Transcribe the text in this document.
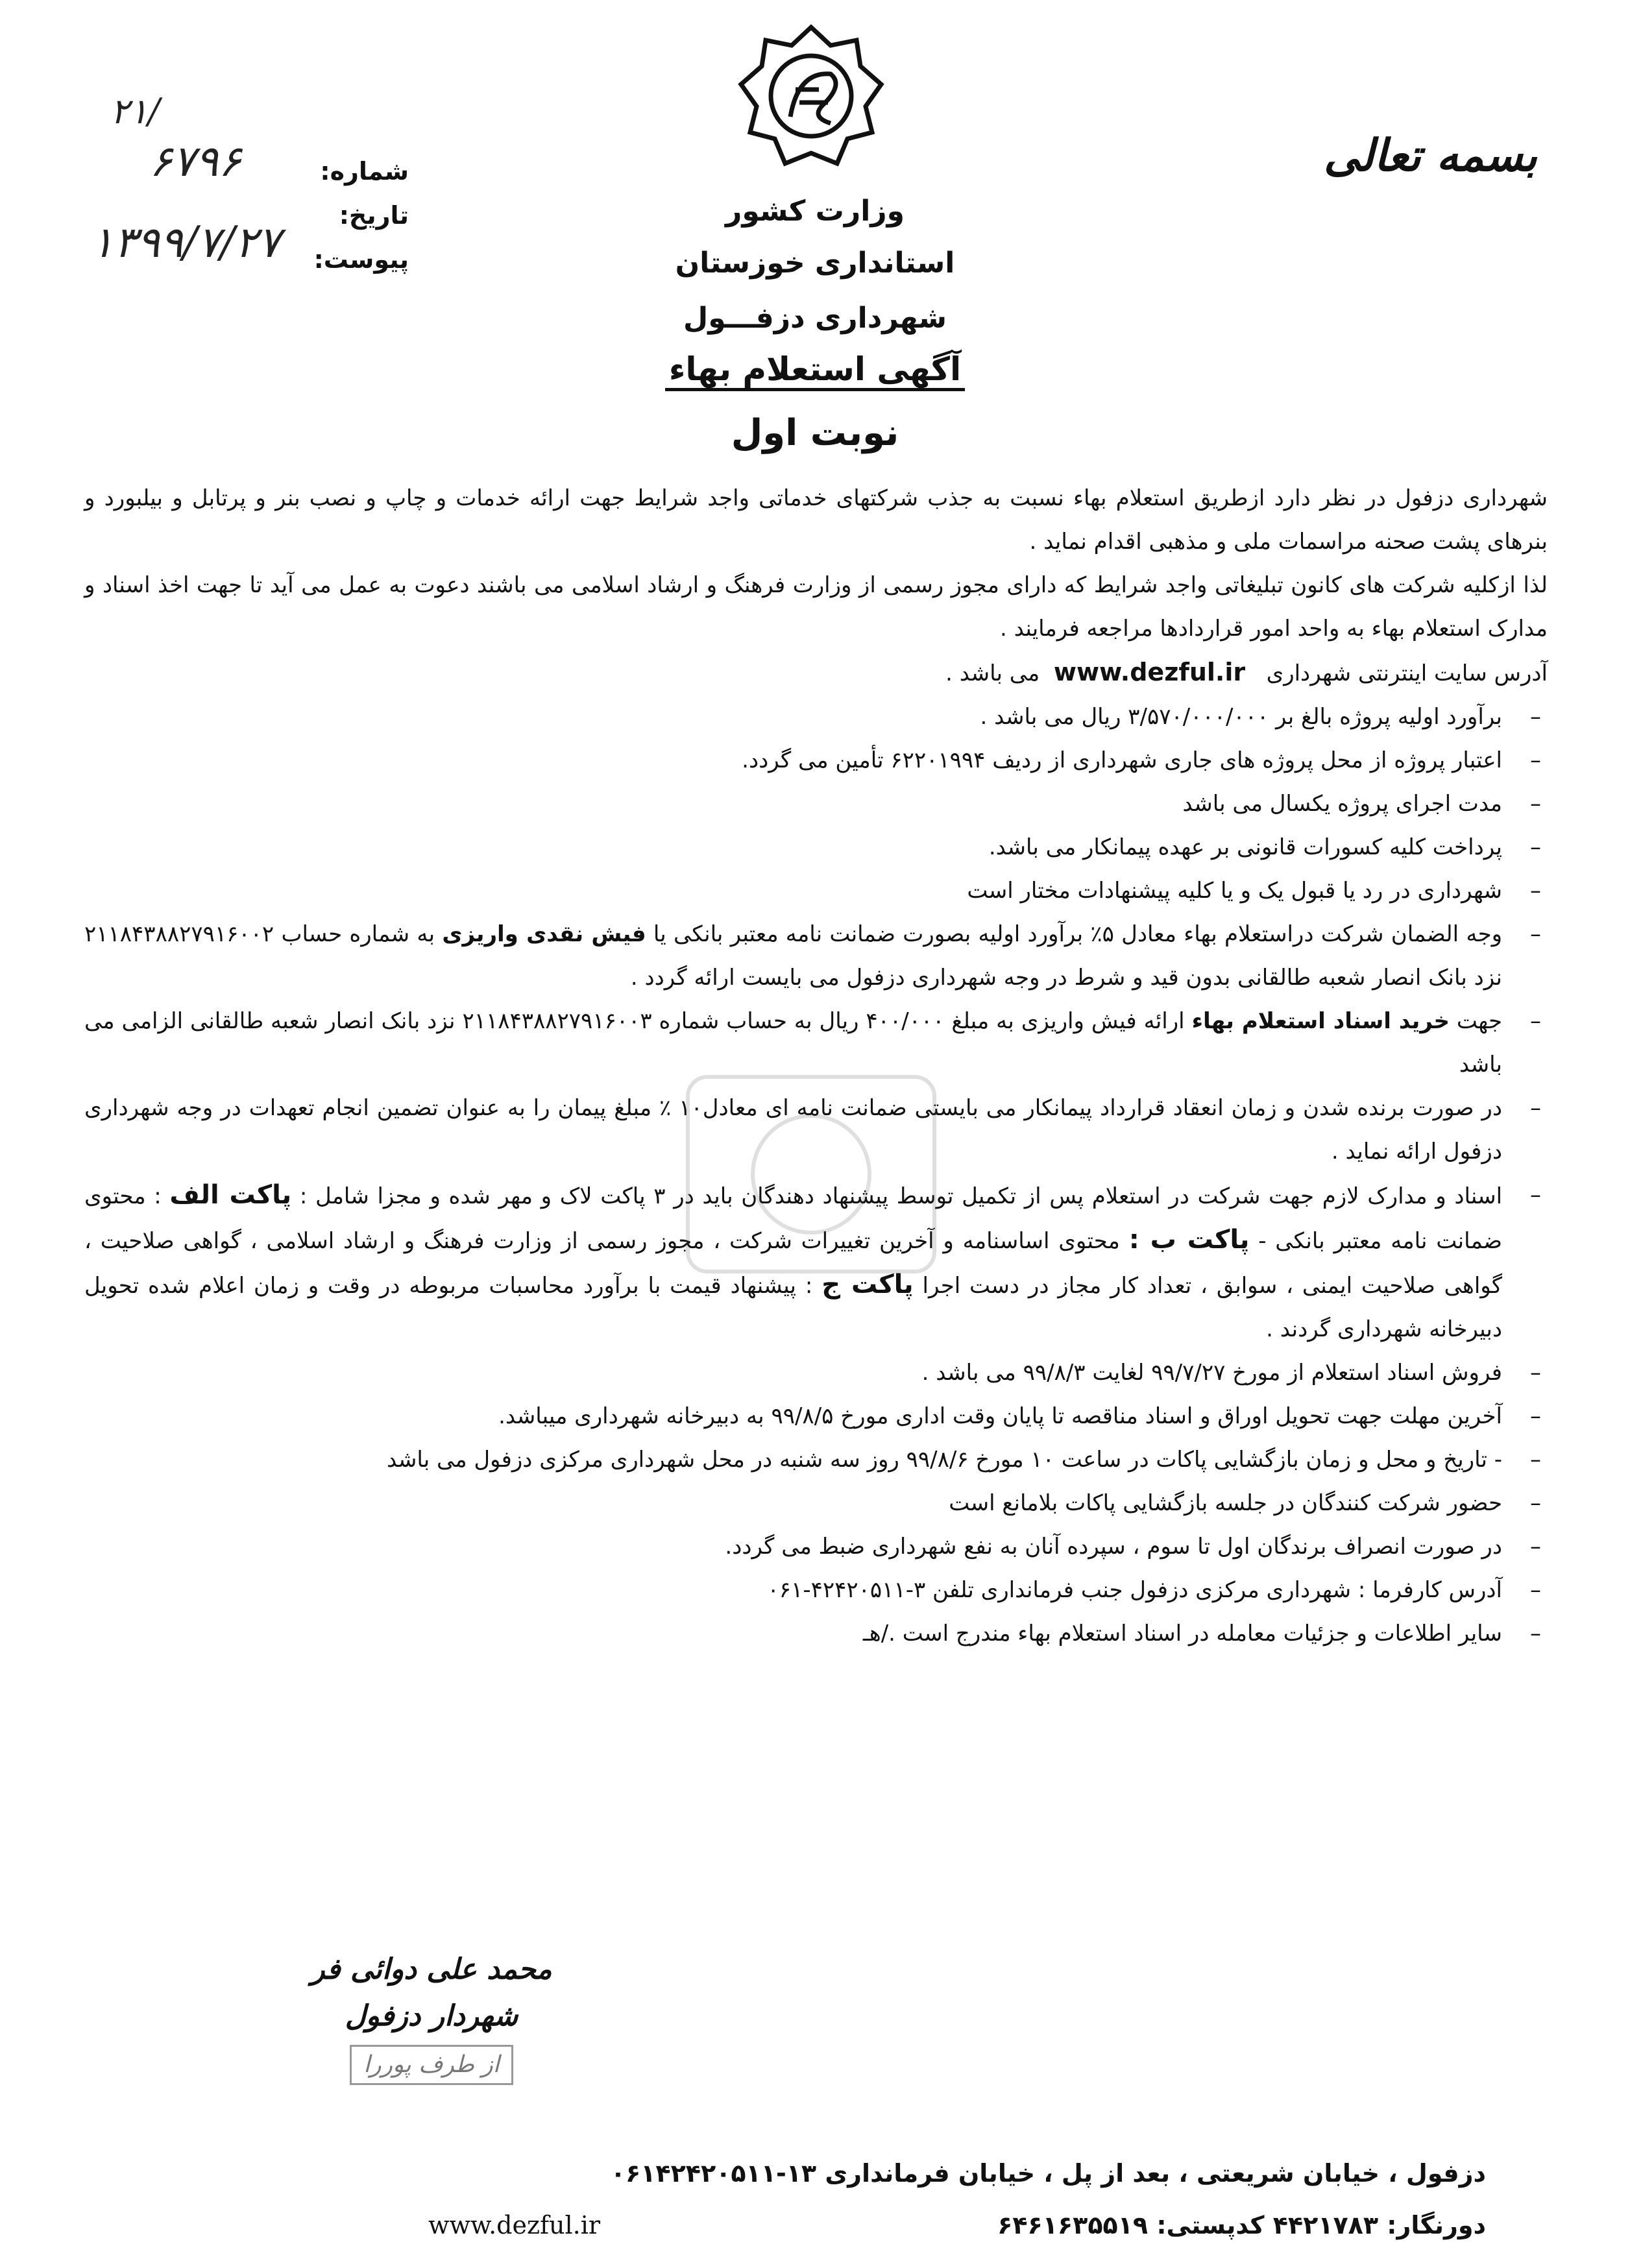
بسمه تعالی
۲۱/
۶۷۹۶
۱۳۹۹/۷/۲۷
شماره:
تاریخ:
پیوست:
وزارت کشور
استانداری خوزستان
شهرداری دزفـــول
آگهی استعلام بهاء
نوبت اول

شهرداری دزفول در نظر دارد ازطریق استعلام بهاء نسبت به جذب شرکتهای خدماتی واجد شرایط جهت ارائه خدمات و چاپ و نصب بنر و پرتابل و بیلبورد و بنرهای پشت صحنه مراسمات ملی و مذهبی اقدام نماید .

لذا ازکلیه شرکت های کانون تبلیغاتی واجد شرایط که دارای مجوز رسمی از وزارت فرهنگ و ارشاد اسلامی می باشند دعوت به عمل می آید تا جهت اخذ اسناد و مدارک استعلام بهاء به واحد امور قراردادها مراجعه فرمایند .

آدرس سایت اینترنتی شهرداری   www.dezful.ir  می باشد .

– برآورد اولیه پروژه بالغ بر ۳/۵۷۰/۰۰۰/۰۰۰ ریال می باشد .
– اعتبار پروژه از محل پروژه های جاری شهرداری از ردیف ۶۲۲۰۱۹۹۴ تأمین می گردد.
– مدت اجرای پروژه یکسال می باشد
– پرداخت کلیه کسورات قانونی بر عهده پیمانکار می باشد.
– شهرداری در رد یا قبول یک و یا کلیه پیشنهادات مختار است
– وجه الضمان شرکت دراستعلام بهاء معادل ۵٪ برآورد اولیه بصورت ضمانت نامه معتبر بانکی یا فیش نقدی واریزی به شماره حساب ۲۱۱۸۴۳۸۸۲۷۹۱۶۰۰۲ نزد بانک انصار شعبه طالقانی بدون قید و شرط در وجه شهرداری دزفول می بایست ارائه گردد .
– جهت خرید اسناد استعلام بهاء ارائه فیش واریزی به مبلغ ۴۰۰/۰۰۰ ریال به حساب شماره ۲۱۱۸۴۳۸۸۲۷۹۱۶۰۰۳ نزد بانک انصار شعبه طالقانی الزامی می باشد
– در صورت برنده شدن و زمان انعقاد قرارداد پیمانکار می بایستی ضمانت نامه ای معادل۱۰ ٪ مبلغ پیمان را به عنوان تضمین انجام تعهدات در وجه شهرداری دزفول ارائه نماید .
– اسناد و مدارک لازم جهت شرکت در استعلام پس از تکمیل توسط پیشنهاد دهندگان باید در ۳ پاکت لاک و مهر شده و مجزا شامل : پاکت الف : محتوی ضمانت نامه معتبر بانکی - پاکت ب : محتوی اساسنامه و آخرین تغییرات شرکت ، مجوز رسمی از وزارت فرهنگ و ارشاد اسلامی ، گواهی صلاحیت ، گواهی صلاحیت ایمنی ، سوابق ، تعداد کار مجاز در دست اجرا پاکت ج : پیشنهاد قیمت با برآورد محاسبات مربوطه در وقت و زمان اعلام شده تحویل دبیرخانه شهرداری گردند .
– فروش اسناد استعلام از مورخ ۹۹/۷/۲۷ لغایت ۹۹/۸/۳ می باشد .
– آخرین مهلت جهت تحویل اوراق و اسناد مناقصه تا پایان وقت اداری مورخ ۹۹/۸/۵ به دبیرخانه شهرداری میباشد.
– - تاریخ و محل و زمان بازگشایی پاکات در ساعت ۱۰ مورخ ۹۹/۸/۶ روز سه شنبه در محل شهرداری مرکزی دزفول می باشد
– حضور شرکت کنندگان در جلسه بازگشایی پاکات بلامانع است
– در صورت انصراف برندگان اول تا سوم ، سپرده آنان به نفع شهرداری ضبط می گردد.
– آدرس کارفرما : شهرداری مرکزی دزفول جنب فرمانداری تلفن ۳-۴۲۴۲۰۵۱۱-۰۶۱
– سایر اطلاعات و جزئیات معامله در اسناد استعلام بهاء مندرج است ./هـ
محمد علی دوائی فر
شهردار دزفول
از طرف پوررا
دزفول ، خیابان شریعتی ، بعد از پل ، خیابان فرمانداری ۱۳-۰۶۱۴۲۴۲۰۵۱۱
دورنگار: ۴۴۲۱۷۸۳ کدپستی: ۶۴۶۱۶۳۵۵۱۹
www.dezful.ir
